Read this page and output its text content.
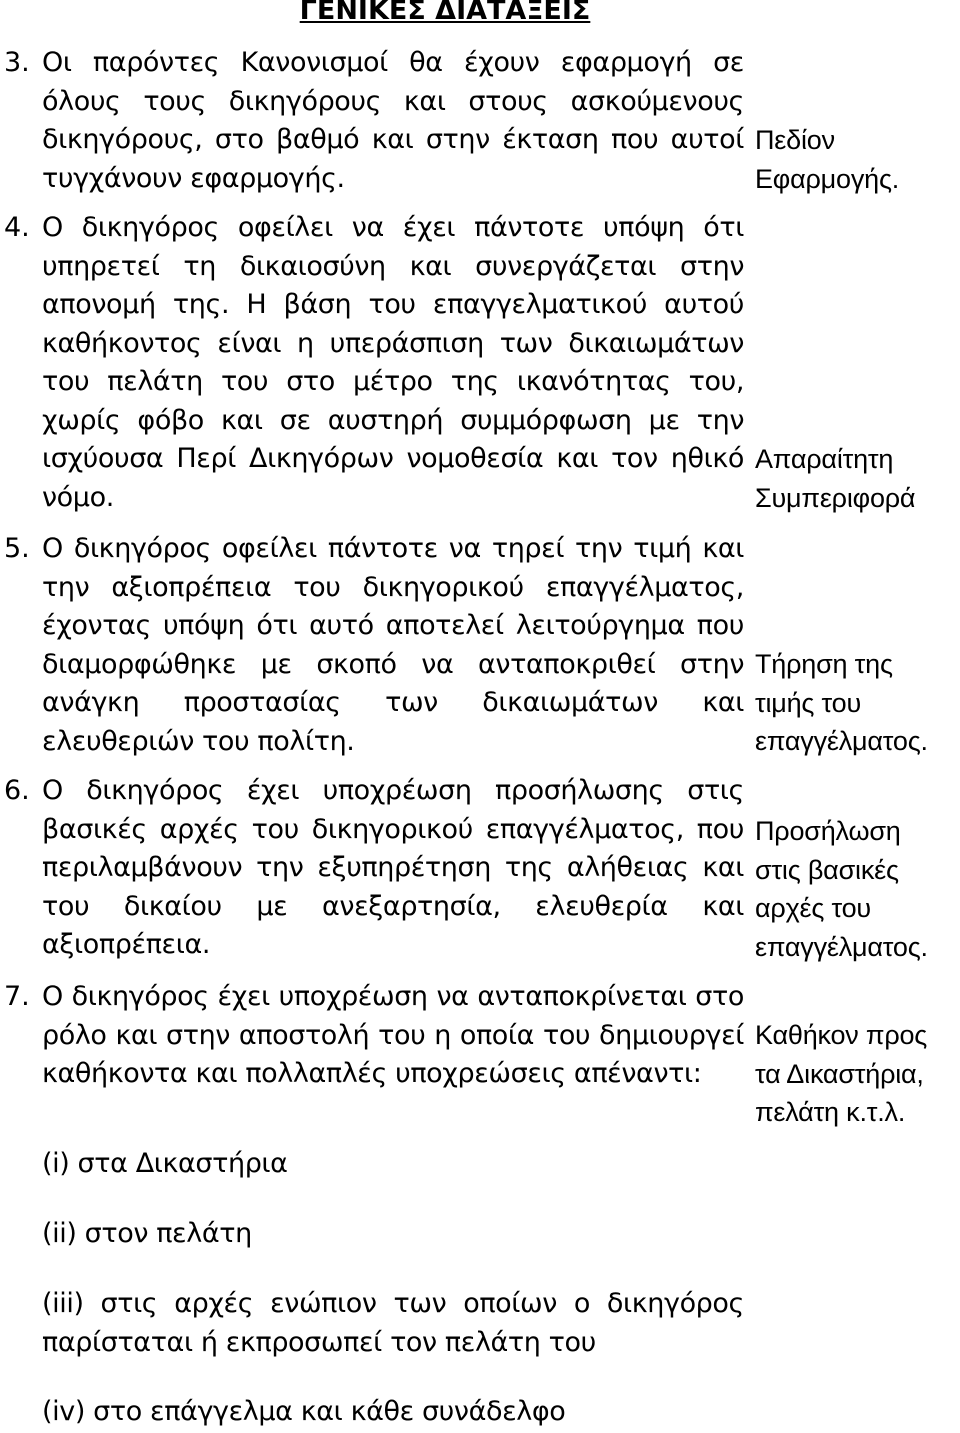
ΓΕΝΙΚΕΣ ΔΙΑΤΑΞΕΙΣ
3. Οι παρόντες Κανονισμοί θα έχουν εφαρμογή σε όλους τους δικηγόρους και στους ασκούμενους δικηγόρους, στο βαθμό και στην έκταση που αυτοί τυγχάνουν εφαρμογής.
Πεδίον
Εφαρμογής.
4. Ο δικηγόρος οφείλει να έχει πάντοτε υπόψη ότι υπηρετεί τη δικαιοσύνη και συνεργάζεται στην απονομή της. Η βάση του επαγγελματικού αυτού καθήκοντος είναι η υπεράσπιση των δικαιωμάτων του πελάτη του στο μέτρο της ικανότητας του, χωρίς φόβο και σε αυστηρή συμμόρφωση με την ισχύουσα Περί Δικηγόρων νομοθεσία και τον ηθικό νόμο.
Απαραίτητη
Συμπεριφορά
5. Ο δικηγόρος οφείλει πάντοτε να τηρεί την τιμή και την αξιοπρέπεια του δικηγορικού επαγγέλματος, έχοντας υπόψη ότι αυτό αποτελεί λειτούργημα που διαμορφώθηκε με σκοπό να ανταποκριθεί στην ανάγκη προστασίας των δικαιωμάτων και ελευθεριών του πολίτη.
Τήρηση της
τιμής του
επαγγέλματος.
6. Ο δικηγόρος έχει υποχρέωση προσήλωσης στις βασικές αρχές του δικηγορικού επαγγέλματος, που περιλαμβάνουν την εξυπηρέτηση της αλήθειας και του δικαίου με ανεξαρτησία, ελευθερία και αξιοπρέπεια.
Προσήλωση
στις βασικές
αρχές του
επαγγέλματος.
7. Ο δικηγόρος έχει υποχρέωση να ανταποκρίνεται στο ρόλο και στην αποστολή του η οποία του δημιουργεί καθήκοντα και πολλαπλές υποχρεώσεις απέναντι:
Καθήκον προς
τα Δικαστήρια,
πελάτη κ.τ.λ.
(i) στα Δικαστήρια
(ii) στον πελάτη
(iii) στις αρχές ενώπιον των οποίων ο δικηγόρος παρίσταται ή εκπροσωπεί τον πελάτη του
(iv) στο επάγγελμα και κάθε συνάδελφο
